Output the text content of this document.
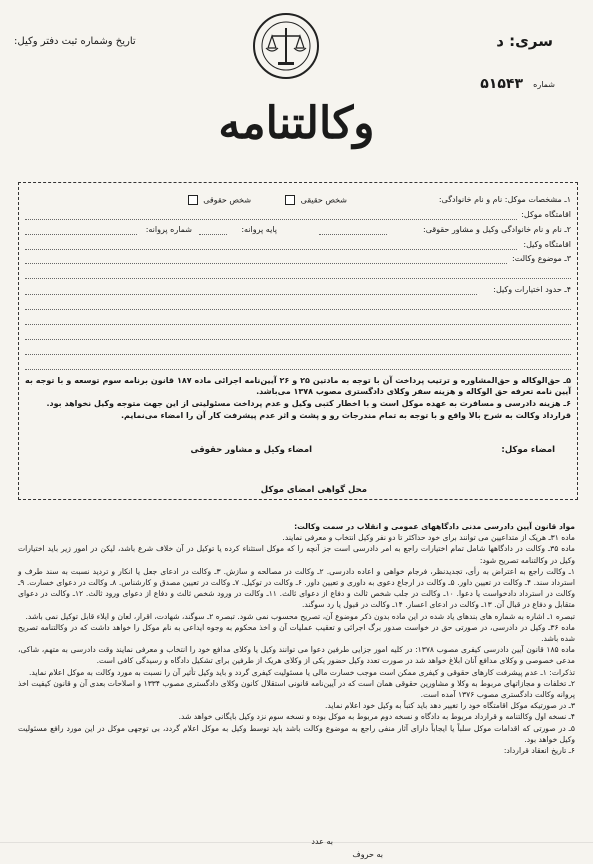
تاریخ وشماره ثبت دفتر وکیل:	سری: د
شماره
۵۱۵۴۳
وکالتنامه
۱ـ مشخصات موکل: نام و نام خانوادگی:
شخص حقیقی   شخص حقوقی
اقامتگاه موکل:
۲ـ نام و نام خانوادگی وکیل و مشاور حقوقی:
پایه پروانه:
شماره پروانه:
اقامتگاه وکیل:
۳ـ موضوع وکالت:
۴ـ حدود اختیارات وکیل:
۵ـ حق‌الوکاله و حق‌المشاوره و ترتیب پرداخت آن با توجه به مادتین ۲۵ و ۲۶ آیین‌نامه اجرائی ماده ۱۸۷ قانون برنامه سوم توسعه و با توجه به آیین نامه تعرفه حق الوکاله و هزینه سفر وکلای دادگستری مصوب ۱۳۷۸ می‌باشد.
۶ـ هزینه دادرسی و مسافرت به عهده موکل است و با اخطار کتبی وکیل و عدم پرداخت مسئولیتی از این جهت متوجه وکیل نخواهد بود.
قرارداد وکالت به شرح بالا واقع و با توجه به تمام مندرجات رو و پشت و اثر عدم پیشرفت کار آن را امضاء می‌نمایم.
امضاء موکل:
امضاء وکیل و مشاور حقوقی
محل گواهی امضای موکل

مواد قانون آیین دادرسی مدنی دادگاههای عمومی و انقلاب در سمت وکالت:

ماده ۳۱ـ هریک از متداعیین می توانند برای خود حداکثر تا دو نفر وکیل انتخاب و معرفی نمایند.

ماده ۳۵ـ وکالت در دادگاهها شامل تمام اختیارات راجع به امر دادرسی است جز آنچه را که موکل استثناء کرده یا توکیل در آن خلاف شرع باشد، لیکن در امور زیر باید اختیارات وکیل در وکالتنامه تصریح شود:

۱ـ وکالت راجع به اعتراض به رأی، تجدیدنظر، فرجام خواهی و اعاده دادرسی. ۲ـ وکالت در مصالحه و سازش. ۳ـ وکالت در ادعای جعل یا انکار و تردید نسبت به سند طرف و استرداد سند. ۴ـ وکالت در تعیین داور. ۵ـ وکالت در ارجاع دعوی به داوری و تعیین داور. ۶ـ وکالت در توکیل. ۷ـ وکالت در تعیین مصدق و کارشناس. ۸ـ وکالت در دعوای خسارت. ۹ـ وکالت در استرداد دادخواست یا دعوا. ۱۰ـ وکالت در جلب شخص ثالث و دفاع از دعوای ثالث. ۱۱ـ وکالت در ورود شخص ثالث و دفاع از دعوای ورود ثالث. ۱۲ـ وکالت در دعوای متقابل و دفاع در قبال آن. ۱۳ـ وکالت در ادعای اعسار. ۱۴ـ وکالت در قبول یا رد سوگند.

تبصره ۱ـ اشاره به شماره های بندهای یاد شده در این ماده بدون ذکر موضوع آن، تصریح محسوب نمی شود. تبصره ۲ـ سوگند، شهادت، اقرار، لعان و ایلاء قابل توکیل نمی باشد.

ماده ۳۶ـ وکیل در دادرسی، در صورتی حق در خواست صدور برگ اجرائی و تعقیب عملیات آن و اخذ محکوم به وجوه ایداعی به نام موکل را خواهد داشت که در وکالتنامه تصریح شده باشد.

ماده ۱۸۵ قانون آیین دادرسی کیفری مصوب ۱۳۷۸: در کلیه امور جزایی طرفین دعوا می توانند وکیل یا وکلای مدافع خود را انتخاب و معرفی نمایند وقت دادرسی به متهم، شاکی، مدعی خصوصی و وکلای مدافع آنان ابلاغ خواهد شد در صورت تعدد وکیل حضور یکی از وکلای هریک از طرفین برای تشکیل دادگاه و رسیدگی کافی است.

تذکرات: ۱ـ عدم پیشرفت کارهای حقوقی و کیفری ممکن است موجب خسارت مالی یا مسئولیت کیفری گردد و باید وکیل تأثیر آن را نسبت به مورد وکالت به موکل اعلام نماید.

۲ـ تخلفات و مجازاتهای مربوط به وکلا و مشاورین حقوقی همان است که در آیین‌نامه قانونی استقلال کانون وکلای دادگستری مصوب ۱۳۳۴ و اصلاحات بعدی آن و قانون کیفیت اخذ پروانه وکالت دادگستری مصوب ۱۳۷۶ آمده است.

۳ـ در صورتیکه موکل اقامتگاه خود را تغییر دهد باید کتباً به وکیل خود اعلام نماید.

۴ـ نسخه اول وکالتنامه و قرارداد مربوط به دادگاه و نسخه دوم مربوط به موکل بوده و نسخه سوم نزد وکیل بایگانی خواهد شد.

۵ـ در صورتی که اقدامات موکل سلباً یا ایجاباً دارای آثار منفی راجع به موضوع وکالت باشد باید توسط وکیل به موکل اعلام گردد، بی توجهی موکل در این مورد رافع مسئولیت وکیل خواهد بود.

۶ـ تاریخ انعقاد قرارداد:

به عدد
به حروف
